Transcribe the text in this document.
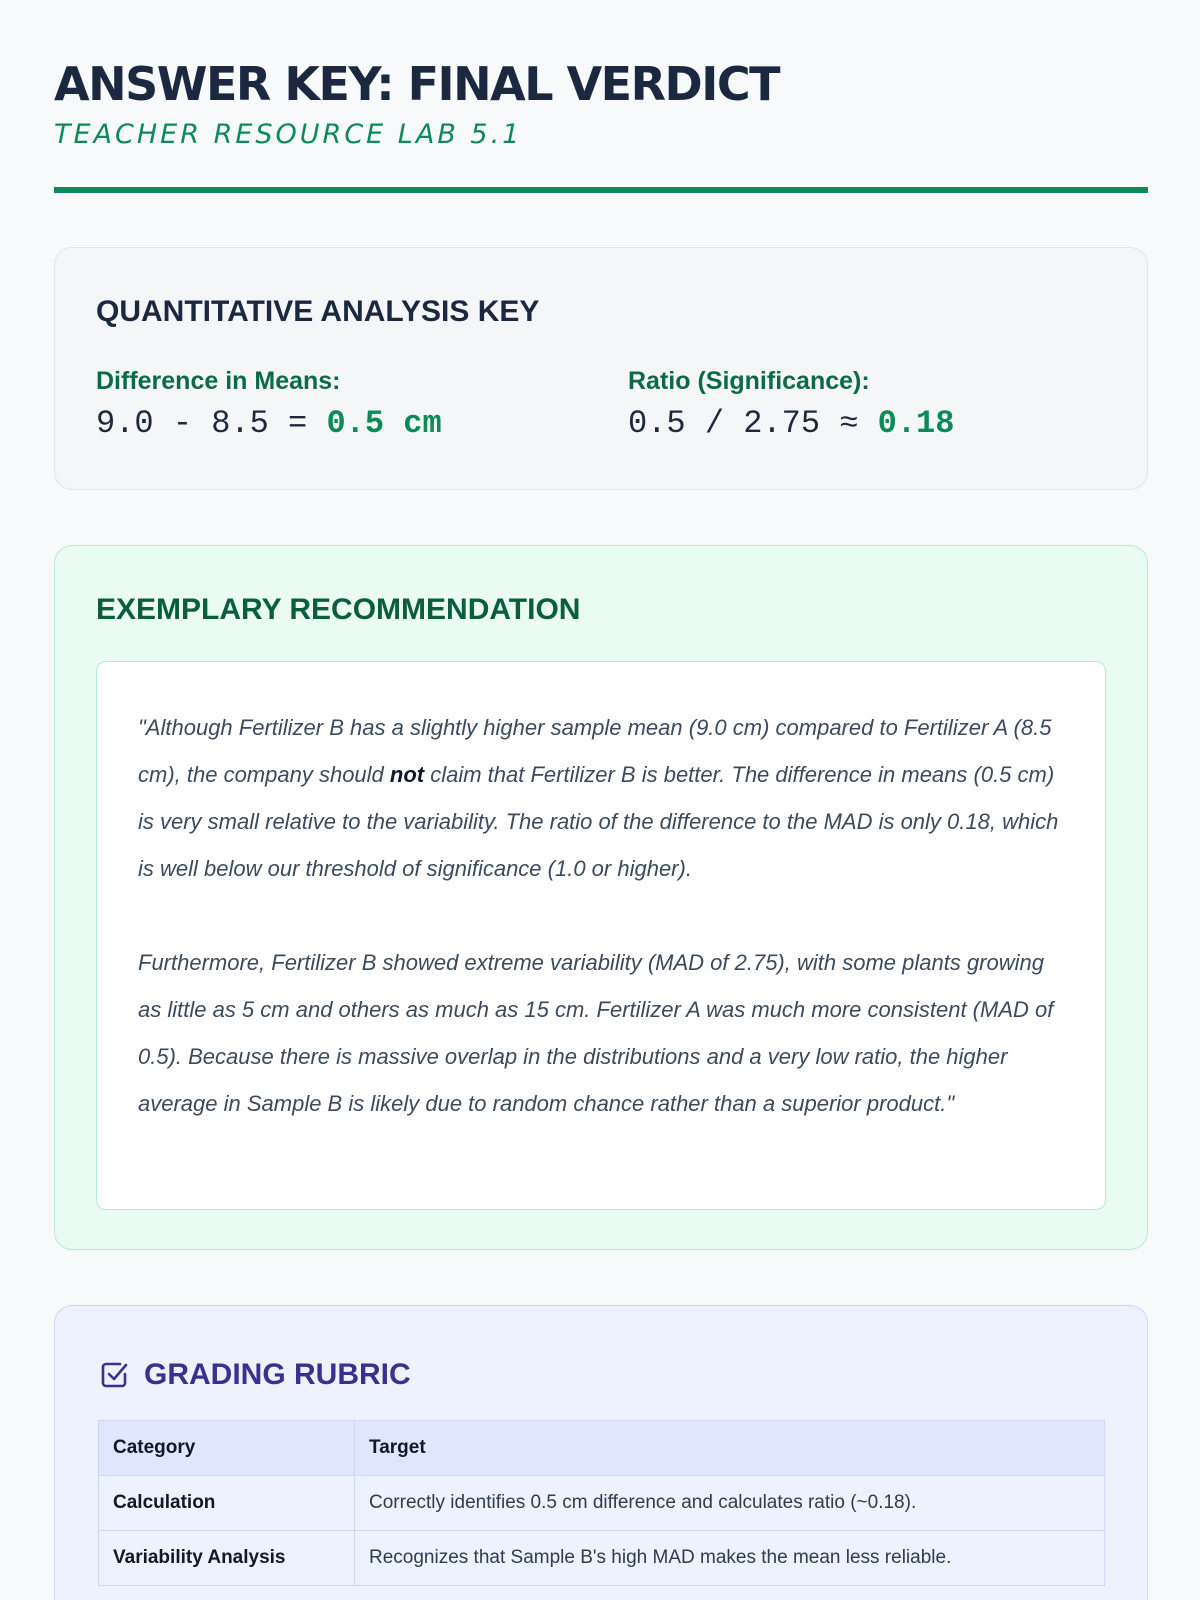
ANSWER KEY: FINAL VERDICT
TEACHER RESOURCE LAB 5.1
QUANTITATIVE ANALYSIS KEY
Difference in Means:
9.0 - 8.5 = 0.5 cm
Ratio (Significance):
0.5 / 2.75 ≈ 0.18
EXEMPLARY RECOMMENDATION

"Although Fertilizer B has a slightly higher sample mean (9.0 cm) compared to Fertilizer A (8.5 cm), the company should not claim that Fertilizer B is better. The difference in means (0.5 cm) is very small relative to the variability. The ratio of the difference to the MAD is only 0.18, which is well below our threshold of significance (1.0 or higher).

Furthermore, Fertilizer B showed extreme variability (MAD of 2.75), with some plants growing as little as 5 cm and others as much as 15 cm. Fertilizer A was much more consistent (MAD of 0.5). Because there is massive overlap in the distributions and a very low ratio, the higher average in Sample B is likely due to random chance rather than a superior product."

GRADING RUBRIC
Category	Target
Calculation	Correctly identifies 0.5 cm difference and calculates ratio (~0.18).
Variability Analysis	Recognizes that Sample B's high MAD makes the mean less reliable.
